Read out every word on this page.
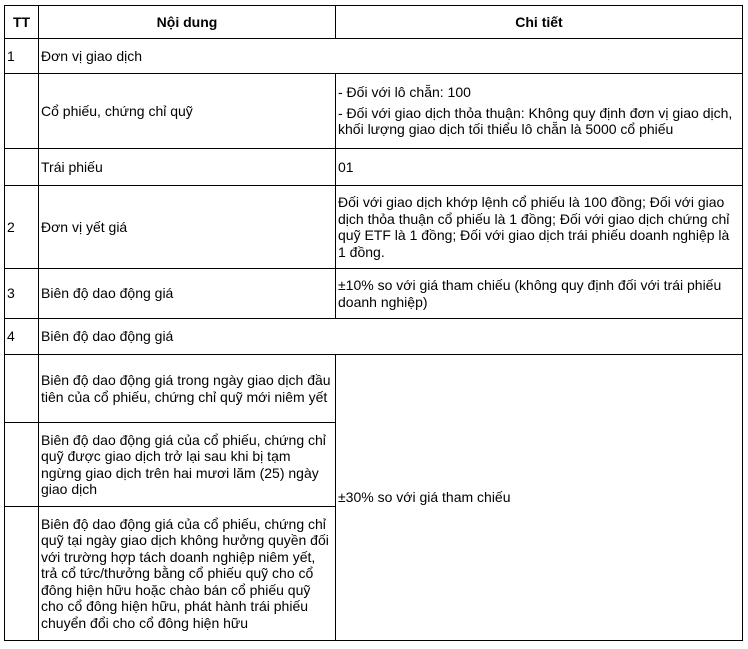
TT	Nội dung	Chi tiết
1	Đơn vị giao dịch	
	Cổ phiếu, chứng chỉ quỹ	- Đối với lô chẵn: 100

- Đối với giao dịch thỏa thuận: Không quy định đơn vị giao dịch, khối lượng giao dịch tối thiểu lô chẵn là 5000 cổ phiếu

	Trái phiếu	01
2	Đơn vị yết giá	Đối với giao dịch khớp lệnh cổ phiếu là 100 đồng; Đối với giao dịch thỏa thuận cổ phiếu là 1 đồng; Đối với giao dịch chứng chỉ quỹ ETF là 1 đồng; Đối với giao dịch trái phiếu doanh nghiệp là 1 đồng.
3	Biên độ dao động giá	±10% so với giá tham chiếu (không quy định đối với trái phiếu doanh nghiệp)
4	Biên độ dao động giá	
	Biên độ dao động giá trong ngày giao dịch đầu tiên của cổ phiếu, chứng chỉ quỹ mới niêm yết	±30% so với giá tham chiếu
	Biên độ dao động giá của cổ phiếu, chứng chỉ quỹ được giao dịch trở lại sau khi bị tạm ngừng giao dịch trên hai mươi lăm (25) ngày giao dịch	
	Biên độ dao động giá của cổ phiếu, chứng chỉ quỹ tại ngày giao dịch không hưởng quyền đối với trường hợp tách doanh nghiệp niêm yết, trả cổ tức/thưởng bằng cổ phiếu quỹ cho cổ đông hiện hữu hoặc chào bán cổ phiếu quỹ cho cổ đông hiện hữu, phát hành trái phiếu chuyển đổi cho cổ đông hiện hữu	
